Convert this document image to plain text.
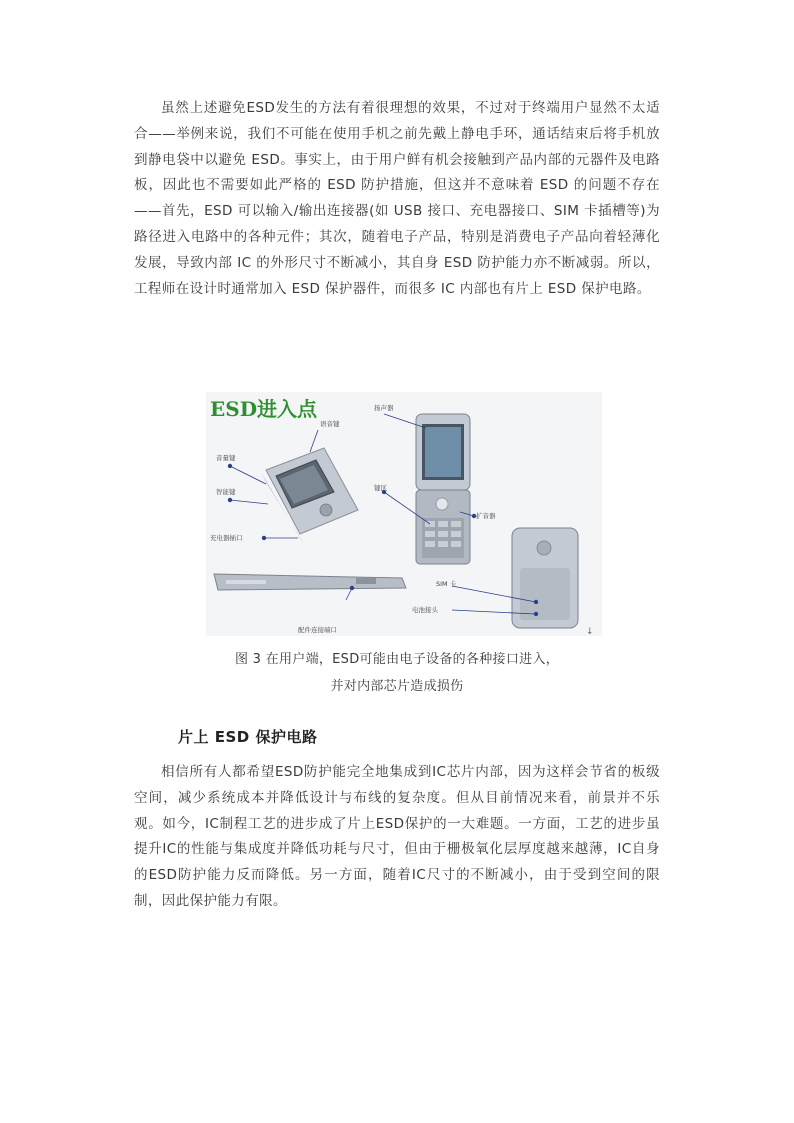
虽然上述避免ESD发生的方法有着很理想的效果，不过对于终端用户显然不太适合——举例来说，我们不可能在使用手机之前先戴上静电手环，通话结束后将手机放到静电袋中以避免 ESD。事实上，由于用户鲜有机会接触到产品内部的元器件及电路板，因此也不需要如此严格的 ESD 防护措施，但这并不意味着 ESD 的问题不存在——首先，ESD 可以输入/输出连接器(如 USB 接口、充电器接口、SIM 卡插槽等)为路径进入电路中的各种元件；其次，随着电子产品，特别是消费电子产品向着轻薄化发展，导致内部 IC 的外形尺寸不断减小，其自身 ESD 防护能力亦不断减弱。所以，工程师在设计时通常加入 ESD 保护器件，而很多 IC 内部也有片上 ESD 保护电路。

ESD进入点
语音键
音量键
智能键
充电器插口
配件连接端口
扬声器
键区
扩音器
SIM 卡
电池接头
↓

图 3 在用户端，ESD可能由电子设备的各种接口进入，

并对内部芯片造成损伤

片上 ESD 保护电路

相信所有人都希望ESD防护能完全地集成到IC芯片内部，因为这样会节省的板级空间，减少系统成本并降低设计与布线的复杂度。但从目前情况来看，前景并不乐观。如今，IC制程工艺的进步成了片上ESD保护的一大难题。一方面，工艺的进步虽提升IC的性能与集成度并降低功耗与尺寸，但由于栅极氧化层厚度越来越薄，IC自身的ESD防护能力反而降低。另一方面，随着IC尺寸的不断减小，由于受到空间的限制，因此保护能力有限。
